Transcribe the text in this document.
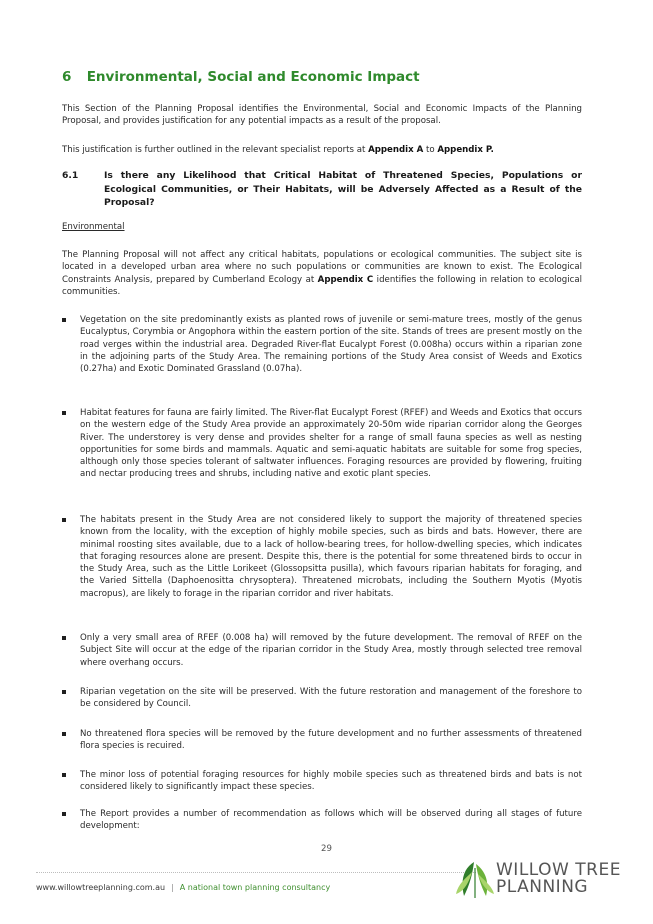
6 Environmental, Social and Economic Impact

This Section of the Planning Proposal identifies the Environmental, Social and Economic Impacts of the Planning Proposal, and provides justification for any potential impacts as a result of the proposal.

This justification is further outlined in the relevant specialist reports at Appendix A to Appendix P.

6.1	Is there any Likelihood that Critical Habitat of Threatened Species, Populations or Ecological Communities, or Their Habitats, will be Adversely Affected as a Result of the Proposal?

Environmental

The Planning Proposal will not affect any critical habitats, populations or ecological communities. The subject site is located in a developed urban area where no such populations or communities are known to exist. The Ecological Constraints Analysis, prepared by Cumberland Ecology at Appendix C identifies the following in relation to ecological communities.

Vegetation on the site predominantly exists as planted rows of juvenile or semi-mature trees, mostly of the genus Eucalyptus, Corymbia or Angophora within the eastern portion of the site. Stands of trees are present mostly on the road verges within the industrial area. Degraded River-flat Eucalypt Forest (0.008ha) occurs within a riparian zone in the adjoining parts of the Study Area. The remaining portions of the Study Area consist of Weeds and Exotics (0.27ha) and Exotic Dominated Grassland (0.07ha).
Habitat features for fauna are fairly limited. The River-flat Eucalypt Forest (RFEF) and Weeds and Exotics that occurs on the western edge of the Study Area provide an approximately 20-50m wide riparian corridor along the Georges River. The understorey is very dense and provides shelter for a range of small fauna species as well as nesting opportunities for some birds and mammals. Aquatic and semi-aquatic habitats are suitable for some frog species, although only those species tolerant of saltwater influences. Foraging resources are provided by flowering, fruiting and nectar producing trees and shrubs, including native and exotic plant species.
The habitats present in the Study Area are not considered likely to support the majority of threatened species known from the locality, with the exception of highly mobile species, such as birds and bats. However, there are minimal roosting sites available, due to a lack of hollow-bearing trees, for hollow-dwelling species, which indicates that foraging resources alone are present. Despite this, there is the potential for some threatened birds to occur in the Study Area, such as the Little Lorikeet (Glossopsitta pusilla), which favours riparian habitats for foraging, and the Varied Sittella (Daphoenositta chrysoptera). Threatened microbats, including the Southern Myotis (Myotis macropus), are likely to forage in the riparian corridor and river habitats.
Only a very small area of RFEF (0.008 ha) will removed by the future development. The removal of RFEF on the Subject Site will occur at the edge of the riparian corridor in the Study Area, mostly through selected tree removal where overhang occurs.
Riparian vegetation on the site will be preserved. With the future restoration and management of the foreshore to be considered by Council.
No threatened flora species will be removed by the future development and no further assessments of threatened flora species is recuired.
The minor loss of potential foraging resources for highly mobile species such as threatened birds and bats is not considered likely to significantly impact these species.
The Report provides a number of recommendation as follows which will be observed during all stages of future development:
29
www.willowtreeplanning.com.au | A national town planning consultancy
WILLOW TREE
PLANNING
